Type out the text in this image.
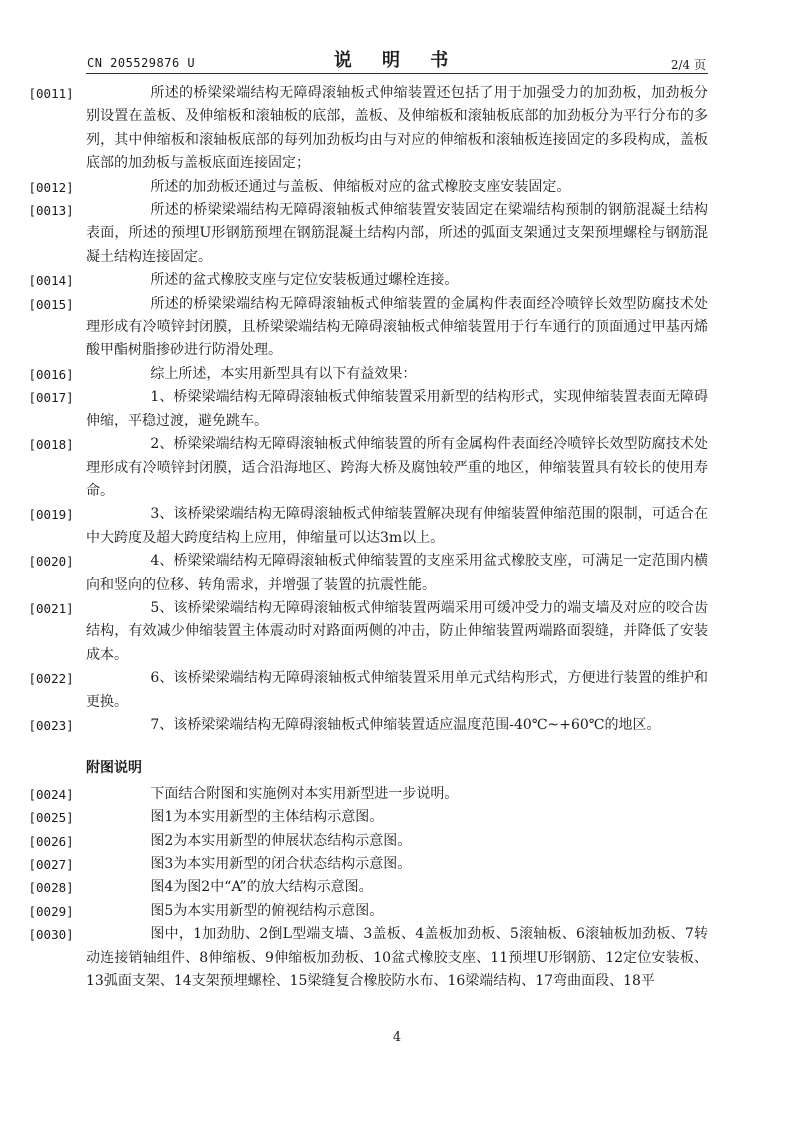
CN 205529876 U	说 明 书	2/4 页

[0011]	所述的桥梁梁端结构无障碍滚轴板式伸缩装置还包括了用于加强受力的加劲板，加劲板分别设置在盖板、及伸缩板和滚轴板的底部，盖板、及伸缩板和滚轴板底部的加劲板分为平行分布的多列，其中伸缩板和滚轴板底部的每列加劲板均由与对应的伸缩板和滚轴板连接固定的多段构成，盖板底部的加劲板与盖板底面连接固定；

[0012]	所述的加劲板还通过与盖板、伸缩板对应的盆式橡胶支座安装固定。

[0013]	所述的桥梁梁端结构无障碍滚轴板式伸缩装置安装固定在梁端结构预制的钢筋混凝土结构表面，所述的预埋U形钢筋预埋在钢筋混凝土结构内部，所述的弧面支架通过支架预埋螺栓与钢筋混凝土结构连接固定。

[0014]	所述的盆式橡胶支座与定位安装板通过螺栓连接。

[0015]	所述的桥梁梁端结构无障碍滚轴板式伸缩装置的金属构件表面经冷喷锌长效型防腐技术处理形成有冷喷锌封闭膜，且桥梁梁端结构无障碍滚轴板式伸缩装置用于行车通行的顶面通过甲基丙烯酸甲酯树脂掺砂进行防滑处理。

[0016]	综上所述，本实用新型具有以下有益效果：

[0017]	1、桥梁梁端结构无障碍滚轴板式伸缩装置采用新型的结构形式，实现伸缩装置表面无障碍伸缩，平稳过渡，避免跳车。

[0018]	2、桥梁梁端结构无障碍滚轴板式伸缩装置的所有金属构件表面经冷喷锌长效型防腐技术处理形成有冷喷锌封闭膜，适合沿海地区、跨海大桥及腐蚀较严重的地区，伸缩装置具有较长的使用寿命。

[0019]	3、该桥梁梁端结构无障碍滚轴板式伸缩装置解决现有伸缩装置伸缩范围的限制，可适合在中大跨度及超大跨度结构上应用，伸缩量可以达3m以上。

[0020]	4、桥梁梁端结构无障碍滚轴板式伸缩装置的支座采用盆式橡胶支座，可满足一定范围内横向和竖向的位移、转角需求，并增强了装置的抗震性能。

[0021]	5、该桥梁梁端结构无障碍滚轴板式伸缩装置两端采用可缓冲受力的端支墙及对应的咬合齿结构，有效减少伸缩装置主体震动时对路面两侧的冲击，防止伸缩装置两端路面裂缝，并降低了安装成本。

[0022]	6、该桥梁梁端结构无障碍滚轴板式伸缩装置采用单元式结构形式，方便进行装置的维护和更换。

[0023]	7、该桥梁梁端结构无障碍滚轴板式伸缩装置适应温度范围-40℃~+60℃的地区。

附图说明

[0024]	下面结合附图和实施例对本实用新型进一步说明。

[0025]	图1为本实用新型的主体结构示意图。

[0026]	图2为本实用新型的伸展状态结构示意图。

[0027]	图3为本实用新型的闭合状态结构示意图。

[0028]	图4为图2中“A”的放大结构示意图。

[0029]	图5为本实用新型的俯视结构示意图。

[0030]	图中，1加劲肋、2倒L型端支墙、3盖板、4盖板加劲板、5滚轴板、6滚轴板加劲板、7转动连接销轴组件、8伸缩板、9伸缩板加劲板、10盆式橡胶支座、11预埋U形钢筋、12定位安装板、13弧面支架、14支架预埋螺栓、15梁缝复合橡胶防水布、16梁端结构、17弯曲面段、18平

4
